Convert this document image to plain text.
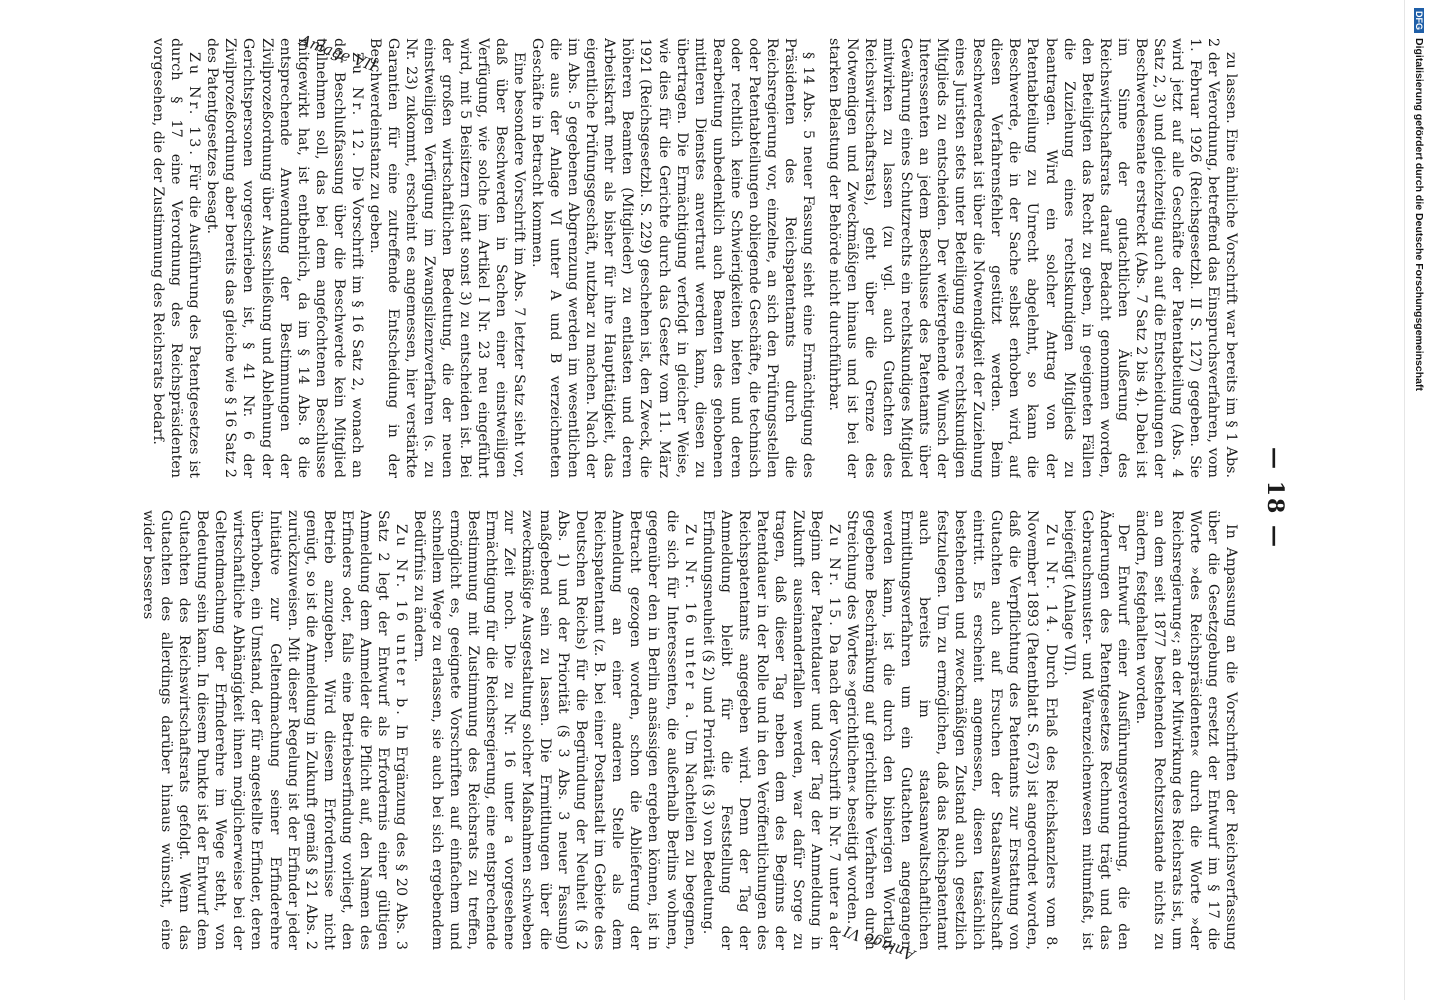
— 18 —

zu lassen. Eine ähnliche Vorschrift war bereits im § 1 Abs. 2 der Verordnung, betreffend das Einspruchsverfahren, vom 1. Februar 1926 (Reichsgesetzbl. II S. 127) gegeben. Sie wird jetzt auf alle Geschäfte der Patentabteilung (Abs. 4 Satz 2, 3) und gleichzeitig auch auf die Entscheidungen der Beschwerdesenate erstreckt (Abs. 7 Satz 2 bis 4). Dabei ist im Sinne der gutachtlichen Äußerung des Reichswirtschaftsrats darauf Bedacht genommen worden, den Beteiligten das Recht zu geben, in geeigneten Fällen die Zuziehung eines rechtskundigen Mitglieds zu beantragen. Wird ein solcher Antrag von der Patentabteilung zu Unrecht abgelehnt, so kann die Beschwerde, die in der Sache selbst erhoben wird, auf diesen Verfahrensfehler gestützt werden. Beim Beschwerdesenat ist über die Notwendigkeit der Zuziehung eines Juristen stets unter Beteiligung eines rechtskundigen Mitglieds zu entscheiden. Der weitergehende Wunsch der Interessenten an jedem Beschlusse des Patentamts über Gewährung eines Schutzrechts ein rechtskundiges Mitglied mitwirken zu lassen (zu vgl. auch Gutachten des Reichswirtschaftsrats), geht über die Grenze des Notwendigen und Zweckmäßigen hinaus und ist bei der starken Belastung der Behörde nicht durchführbar.

§ 14 Abs. 5 neuer Fassung sieht eine Ermächtigung des Präsidenten des Reichspatentamts durch die Reichsregierung vor, einzelne, an sich den Prüfungsstellen oder Patentabteilungen obliegende Geschäfte, die technisch oder rechtlich keine Schwierigkeiten bieten und deren Bearbeitung unbedenklich auch Beamten des gehobenen mittleren Dienstes anvertraut werden kann, diesen zu übertragen. Die Ermächtigung verfolgt in gleicher Weise, wie dies für die Gerichte durch das Gesetz vom 11. März 1921 (Reichsgesetzbl. S. 229) geschehen ist, den Zweck, die höheren Beamten (Mitglieder) zu entlasten und deren Arbeitskraft mehr als bisher für ihre Haupttätigkeit, das eigentliche Prüfungsgeschäft, nutzbar zu machen. Nach der im Abs. 5 gegebenen Abgrenzung werden im wesentlichen die aus der Anlage VI unter A und B verzeichneten Geschäfte in Betracht kommen.

Eine besondere Vorschrift im Abs. 7 letzter Satz sieht vor, daß über Beschwerden in Sachen einer einstweiligen Verfügung, wie solche im Artikel I Nr. 23 neu eingeführt wird, mit 5 Beisitzern (statt sonst 3) zu entscheiden ist. Bei der großen wirtschaftlichen Bedeutung, die der neuen einstweiligen Verfügung im Zwangslizenzverfahren (s. zu Nr. 23) zukommt, erscheint es angemessen, hier verstärkte Garantien für eine zutreffende Entscheidung in der Beschwerdeinstanz zu geben.

Zu Nr. 12. Die Vorschrift im § 16 Satz 2, wonach an der Beschlußfassung über die Beschwerde kein Mitglied teilnehmen soll, das bei dem angefochtenen Beschlusse mitgewirkt hat, ist entbehrlich, da im § 14 Abs. 8 die entsprechende Anwendung der Bestimmungen der Zivilprozeßordnung über Ausschließung und Ablehnung der Gerichtspersonen vorgeschrieben ist, § 41 Nr. 6 der Zivilprozeßordnung aber bereits das gleiche wie § 16 Satz 2 des Patentgesetzes besagt.

Zu Nr. 13. Für die Ausführung des Patentgesetzes ist durch § 17 eine Verordnung des Reichspräsidenten vorgesehen, die der Zustimmung des Reichsrats bedarf.

In Anpassung an die Vorschriften der Reichsverfassung über die Gesetzgebung ersetzt der Entwurf im § 17 die Worte »des Reichspräsidenten« durch die Worte »der Reichsregierung«; an der Mitwirkung des Reichsrats ist, um an dem seit 1877 bestehenden Rechtszustande nichts zu ändern, festgehalten worden.

Der Entwurf einer Ausführungsverordnung, die den Änderungen des Patentgesetzes Rechnung trägt und das Gebrauchsmuster- und Warenzeichenwesen mitumfaßt, ist beigefügt (Anlage VII).

Zu Nr. 14. Durch Erlaß des Reichskanzlers vom 8. November 1893 (Patentblatt S. 673) ist angeordnet worden, daß die Verpflichtung des Patentamts zur Erstattung von Gutachten auch auf Ersuchen der Staatsanwaltschaft eintritt. Es erscheint angemessen, diesen tatsächlich bestehenden und zweckmäßigen Zustand auch gesetzlich festzulegen. Um zu ermöglichen, daß das Reichspatentamt auch bereits im staatsanwaltschaftlichen Ermittlungsverfahren um ein Gutachten angegangen werden kann, ist die durch den bisherigen Wortlaut gegebene Beschränkung auf gerichtliche Verfahren durch Streichung des Wortes »gerichtlichen« beseitigt worden.

Zu Nr. 15. Da nach der Vorschrift in Nr. 7 unter a der Beginn der Patentdauer und der Tag der Anmeldung in Zukunft auseinanderfallen werden, war dafür Sorge zu tragen, daß dieser Tag neben dem des Beginns der Patentdauer in der Rolle und in den Veröffentlichungen des Reichspatentamts angegeben wird. Denn der Tag der Anmeldung bleibt für die Feststellung der Erfindungsneuheit (§ 2) und Priorität (§ 3) von Bedeutung.

Zu Nr. 16 unter a. Um Nachteilen zu begegnen, die sich für Interessenten, die außerhalb Berlins wohnen, gegenüber den in Berlin ansässigen ergeben können, ist in Betracht gezogen worden, schon die Ablieferung der Anmeldung an einer anderen Stelle als dem Reichspatentamt (z. B. bei einer Postanstalt im Gebiete des Deutschen Reichs) für die Begründung der Neuheit (§ 2 Abs. 1) und der Priorität (§ 3 Abs. 3 neuer Fassung) maßgebend sein zu lassen. Die Ermittlungen über die zweckmäßige Ausgestaltung solcher Maßnahmen schweben zur Zeit noch. Die zu Nr. 16 unter a vorgesehene Ermächtigung für die Reichsregierung, eine entsprechende Bestimmung mit Zustimmung des Reichsrats zu treffen, ermöglicht es, geeignete Vorschriften auf einfachem und schnellem Wege zu erlassen, sie auch bei sich ergebendem Bedürfnis zu ändern.

Zu Nr. 16 unter b. In Ergänzung des § 20 Abs. 3 Satz 2 legt der Entwurf als Erfordernis einer gültigen Anmeldung dem Anmelder die Pflicht auf, den Namen des Erfinders oder, falls eine Betriebserfindung vorliegt, den Betrieb anzugeben. Wird diesem Erfordernisse nicht genügt, so ist die Anmeldung in Zukunft gemäß § 21 Abs. 2 zurückzuweisen. Mit dieser Regelung ist der Erfinder jeder Initiative zur Geltendmachung seiner Erfinderehre überhoben, ein Umstand, der für angestellte Erfinder, deren wirtschaftliche Abhängigkeit ihnen möglicherweise bei der Geltendmachung der Erfinderehre im Wege steht, von Bedeutung sein kann. In diesem Punkte ist der Entwurf dem Gutachten des Reichswirtschaftsrats gefolgt. Wenn das Gutachten des allerdings darüber hinaus wünscht, eine wider besseres

Anlage VI
Anlage VII
DFGDigitalisierung gefördert durch die Deutsche Forschungsgemeinschaft
